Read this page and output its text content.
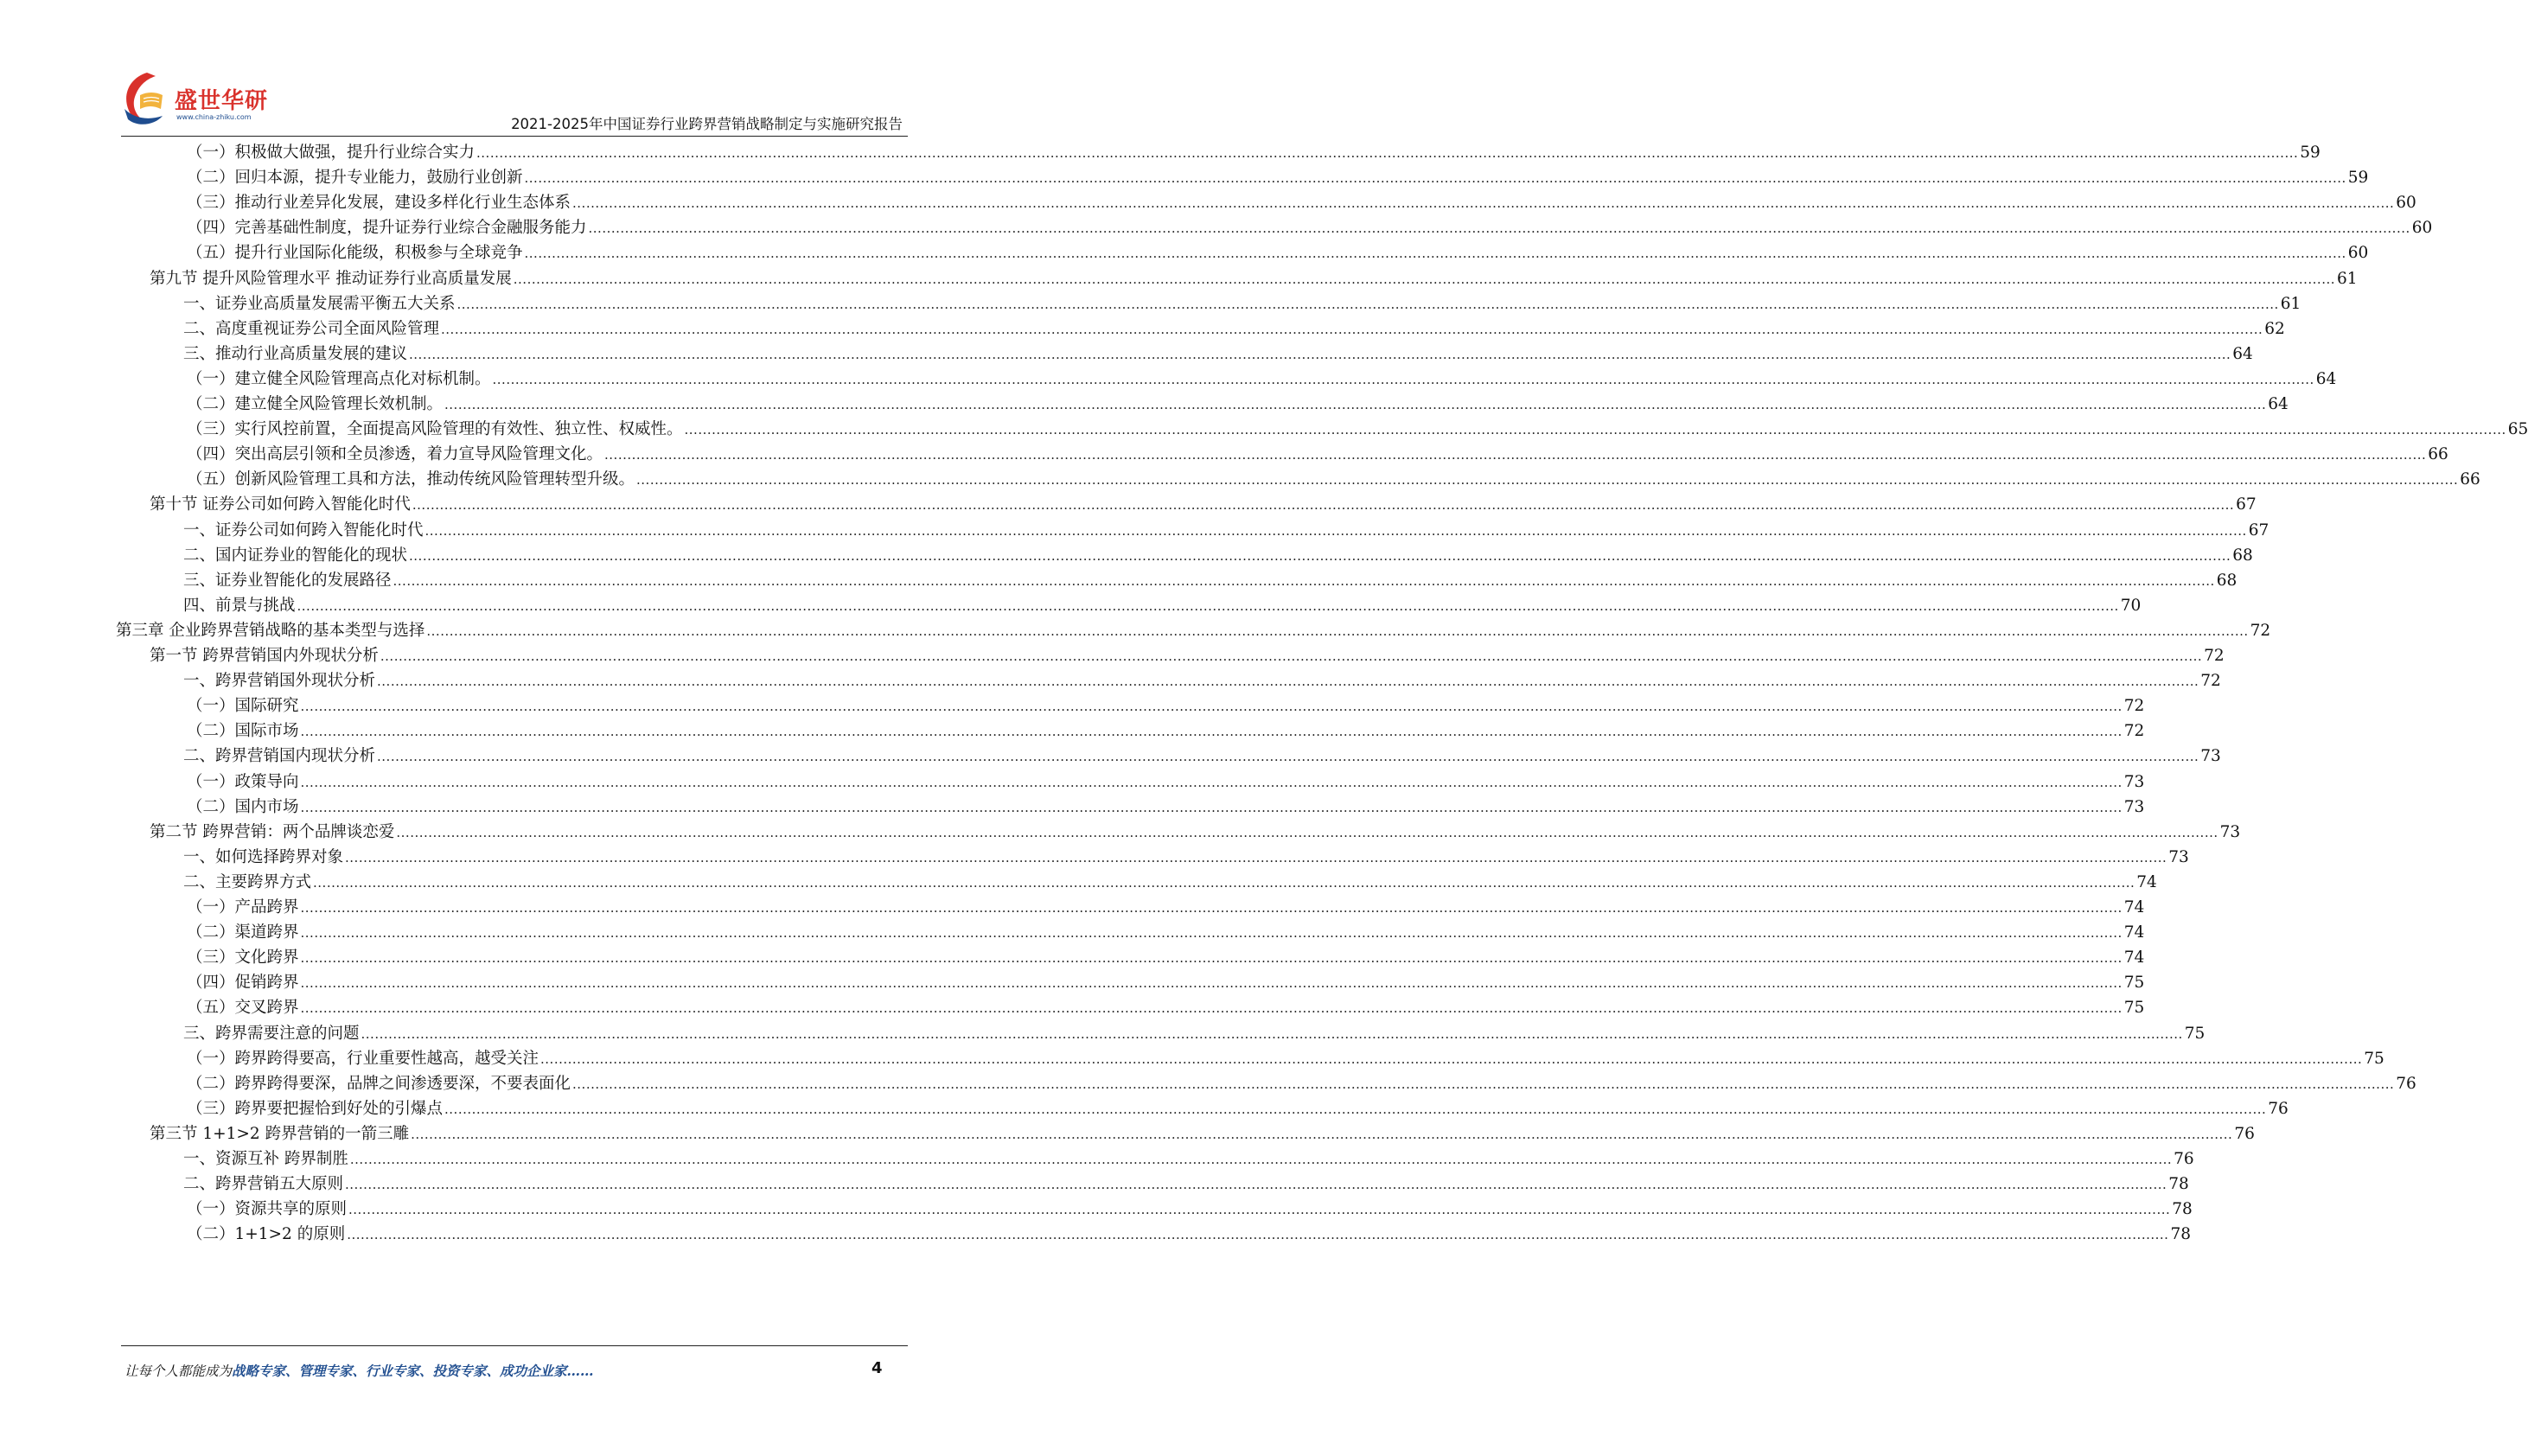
盛世华研
www.china-zhiku.com	2021-2025年中国证券行业跨界营销战略制定与实施研究报告
（一）积极做大做强，提升行业综合实力 ................................................................................................................................................................................................................................................................................................................................................................................................................ 59
（二）回归本源，提升专业能力，鼓励行业创新 ................................................................................................................................................................................................................................................................................................................................................................................................................ 59
（三）推动行业差异化发展，建设多样化行业生态体系 ................................................................................................................................................................................................................................................................................................................................................................................................................ 60
（四）完善基础性制度，提升证券行业综合金融服务能力 ................................................................................................................................................................................................................................................................................................................................................................................................................ 60
（五）提升行业国际化能级，积极参与全球竞争 ................................................................................................................................................................................................................................................................................................................................................................................................................ 60
第九节 提升风险管理水平 推动证券行业高质量发展 ................................................................................................................................................................................................................................................................................................................................................................................................................ 61
一、证券业高质量发展需平衡五大关系 ................................................................................................................................................................................................................................................................................................................................................................................................................ 61
二、高度重视证券公司全面风险管理 ................................................................................................................................................................................................................................................................................................................................................................................................................ 62
三、推动行业高质量发展的建议 ................................................................................................................................................................................................................................................................................................................................................................................................................ 64
（一）建立健全风险管理高点化对标机制。 ................................................................................................................................................................................................................................................................................................................................................................................................................ 64
（二）建立健全风险管理长效机制。 ................................................................................................................................................................................................................................................................................................................................................................................................................ 64
（三）实行风控前置，全面提高风险管理的有效性、独立性、权威性。 ................................................................................................................................................................................................................................................................................................................................................................................................................ 65
（四）突出高层引领和全员渗透，着力宣导风险管理文化。 ................................................................................................................................................................................................................................................................................................................................................................................................................ 66
（五）创新风险管理工具和方法，推动传统风险管理转型升级。 ................................................................................................................................................................................................................................................................................................................................................................................................................ 66
第十节 证券公司如何跨入智能化时代 ................................................................................................................................................................................................................................................................................................................................................................................................................ 67
一、证券公司如何跨入智能化时代 ................................................................................................................................................................................................................................................................................................................................................................................................................ 67
二、国内证券业的智能化的现状 ................................................................................................................................................................................................................................................................................................................................................................................................................ 68
三、证券业智能化的发展路径 ................................................................................................................................................................................................................................................................................................................................................................................................................ 68
四、前景与挑战 ................................................................................................................................................................................................................................................................................................................................................................................................................ 70
第三章 企业跨界营销战略的基本类型与选择 ................................................................................................................................................................................................................................................................................................................................................................................................................ 72
第一节 跨界营销国内外现状分析 ................................................................................................................................................................................................................................................................................................................................................................................................................ 72
一、跨界营销国外现状分析 ................................................................................................................................................................................................................................................................................................................................................................................................................ 72
（一）国际研究 ................................................................................................................................................................................................................................................................................................................................................................................................................ 72
（二）国际市场 ................................................................................................................................................................................................................................................................................................................................................................................................................ 72
二、跨界营销国内现状分析 ................................................................................................................................................................................................................................................................................................................................................................................................................ 73
（一）政策导向 ................................................................................................................................................................................................................................................................................................................................................................................................................ 73
（二）国内市场 ................................................................................................................................................................................................................................................................................................................................................................................................................ 73
第二节 跨界营销：两个品牌谈恋爱 ................................................................................................................................................................................................................................................................................................................................................................................................................ 73
一、如何选择跨界对象 ................................................................................................................................................................................................................................................................................................................................................................................................................ 73
二、主要跨界方式 ................................................................................................................................................................................................................................................................................................................................................................................................................ 74
（一）产品跨界 ................................................................................................................................................................................................................................................................................................................................................................................................................ 74
（二）渠道跨界 ................................................................................................................................................................................................................................................................................................................................................................................................................ 74
（三）文化跨界 ................................................................................................................................................................................................................................................................................................................................................................................................................ 74
（四）促销跨界 ................................................................................................................................................................................................................................................................................................................................................................................................................ 75
（五）交叉跨界 ................................................................................................................................................................................................................................................................................................................................................................................................................ 75
三、跨界需要注意的问题 ................................................................................................................................................................................................................................................................................................................................................................................................................ 75
（一）跨界跨得要高，行业重要性越高，越受关注 ................................................................................................................................................................................................................................................................................................................................................................................................................ 75
（二）跨界跨得要深，品牌之间渗透要深，不要表面化 ................................................................................................................................................................................................................................................................................................................................................................................................................ 76
（三）跨界要把握恰到好处的引爆点 ................................................................................................................................................................................................................................................................................................................................................................................................................ 76
第三节 1+1>2 跨界营销的一箭三雕 ................................................................................................................................................................................................................................................................................................................................................................................................................ 76
一、资源互补 跨界制胜 ................................................................................................................................................................................................................................................................................................................................................................................................................ 76
二、跨界营销五大原则 ................................................................................................................................................................................................................................................................................................................................................................................................................ 78
（一）资源共享的原则 ................................................................................................................................................................................................................................................................................................................................................................................................................ 78
（二）1+1>2 的原则 ................................................................................................................................................................................................................................................................................................................................................................................................................ 78
让每个人都能成为战略专家、管理专家、行业专家、投资专家、成功企业家……	4
